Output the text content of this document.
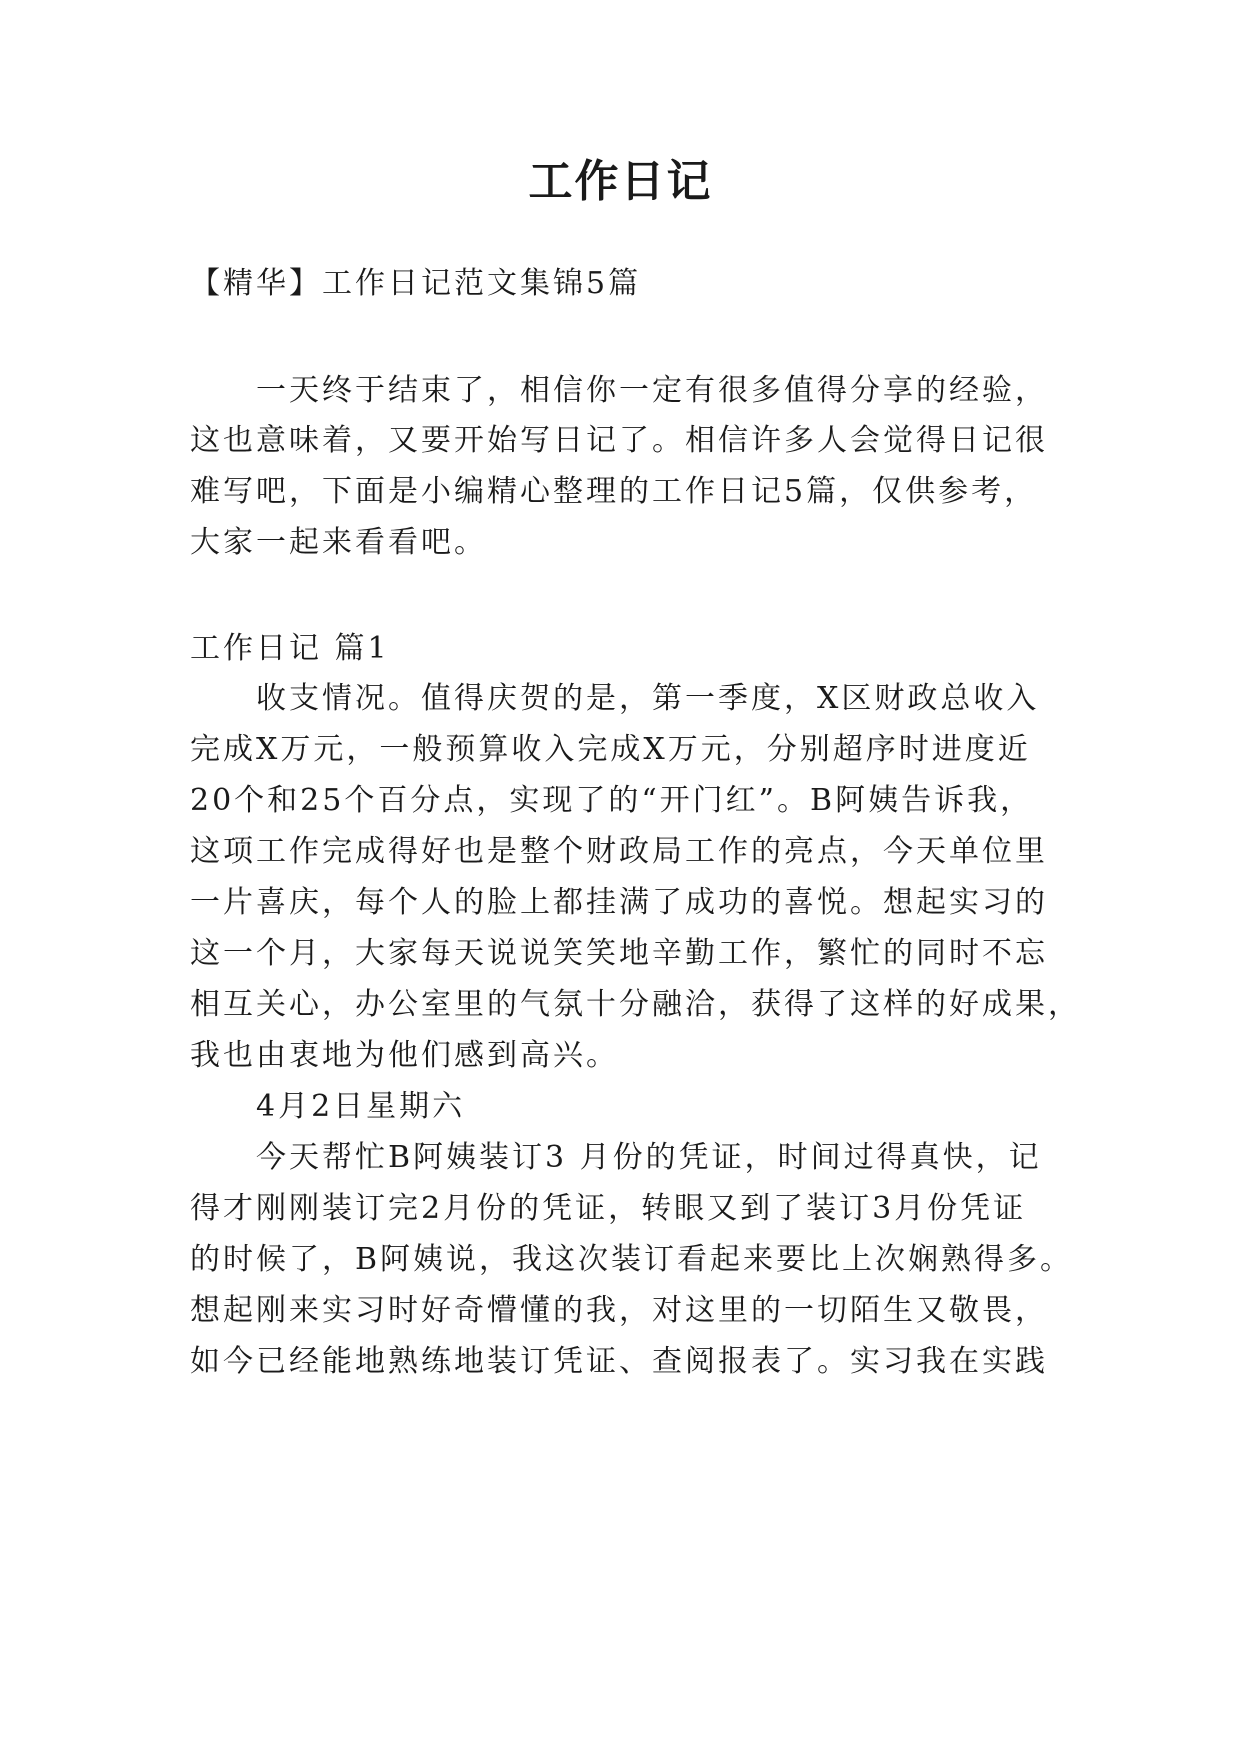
工作日记
【精华】工作日记范文集锦5篇
一天终于结束了，相信你一定有很多值得分享的经验，
这也意味着，又要开始写日记了。相信许多人会觉得日记很
难写吧，下面是小编精心整理的工作日记5篇，仅供参考，
大家一起来看看吧。
工作日记 篇1
收支情况。值得庆贺的是，第一季度，X区财政总收入
完成X万元，一般预算收入完成X万元，分别超序时进度近
20个和25个百分点，实现了的“开门红”。B阿姨告诉我，
这项工作完成得好也是整个财政局工作的亮点，今天单位里
一片喜庆，每个人的脸上都挂满了成功的喜悦。想起实习的
这一个月，大家每天说说笑笑地辛勤工作，繁忙的同时不忘
相互关心，办公室里的气氛十分融洽，获得了这样的好成果，
我也由衷地为他们感到高兴。
4月2日星期六
今天帮忙B阿姨装订3 月份的凭证，时间过得真快，记
得才刚刚装订完2月份的凭证，转眼又到了装订3月份凭证
的时候了，B阿姨说，我这次装订看起来要比上次娴熟得多。
想起刚来实习时好奇懵懂的我，对这里的一切陌生又敬畏，
如今已经能地熟练地装订凭证、查阅报表了。实习我在实践
